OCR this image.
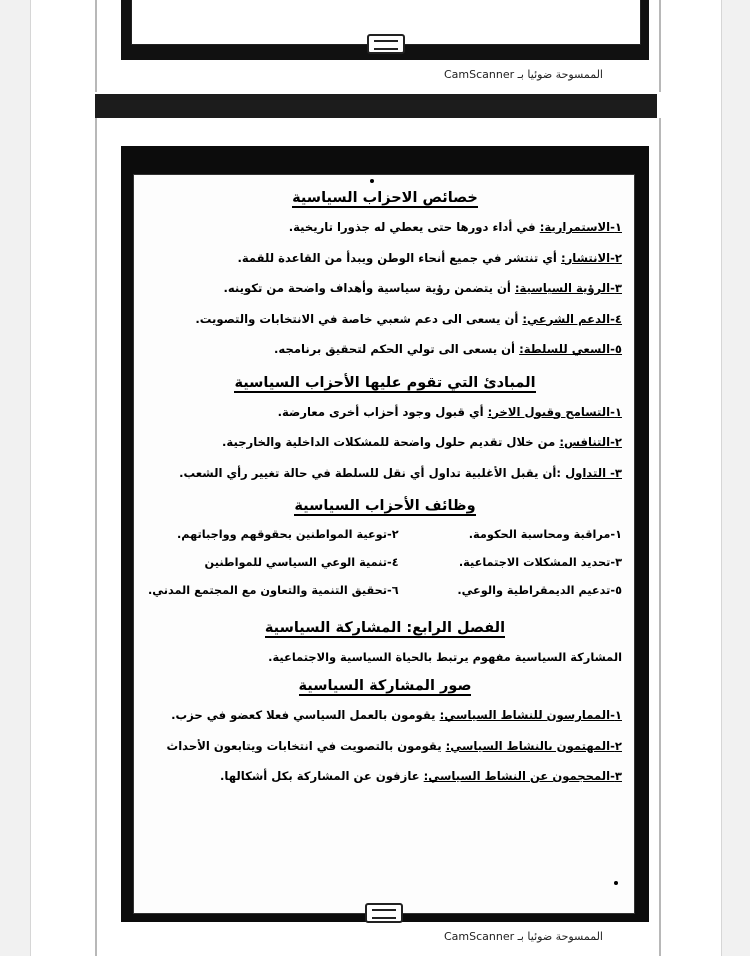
الممسوحة ضوئيا بـ CamScanner
خصائص الاحزاب السياسية
١-الاستمرارية: في أداء دورها حتى يعطي له جذورا تاريخية.
٢-الانتشار: أي تنتشر في جميع أنحاء الوطن ويبدأ من القاعدة للقمة.
٣-الرؤية السياسية: أن يتضمن رؤية سياسية وأهداف واضحة من تكوينه.
٤-الدعم الشرعي: أن يسعى الى دعم شعبي خاصة في الانتخابات والتصويت.
٥-السعي للسلطة: أن يسعى الى تولي الحكم لتحقيق برنامجه.
المبادئ التي تقوم عليها الأحزاب السياسية
١-التسامح وقبول الاخر: أي قبول وجود أحزاب أخرى معارضة.
٢-التنافس: من خلال تقديم حلول واضحة للمشكلات الداخلية والخارجية.
٣- التداول :أن يقبل الأغلبية تداول أي نقل للسلطة في حالة تغيير رأي الشعب.
وظائف الأحزاب السياسية
١-مراقبة ومحاسبة الحكومة.
٢-توعية المواطنين بحقوقهم وواجباتهم.
٣-تحديد المشكلات الاجتماعية.
٤-تنمية الوعي السياسي للمواطنين
٥-تدعيم الديمقراطية والوعي.
٦-تحقيق التنمية والتعاون مع المجتمع المدني.
الفصل الرابع: المشاركة السياسية
المشاركة السياسية مفهوم يرتبط بالحياة السياسية والاجتماعية.
صور المشاركة السياسية
١-الممارسون للنشاط السياسي: يقومون بالعمل السياسي فعلا كعضو في حزب.
٢-المهتمون بالنشاط السياسي: يقومون بالتصويت في انتخابات ويتابعون الأحداث
٣-المحجمون عن النشاط السياسي: عازفون عن المشاركة بكل أشكالها.
الممسوحة ضوئيا بـ CamScanner
